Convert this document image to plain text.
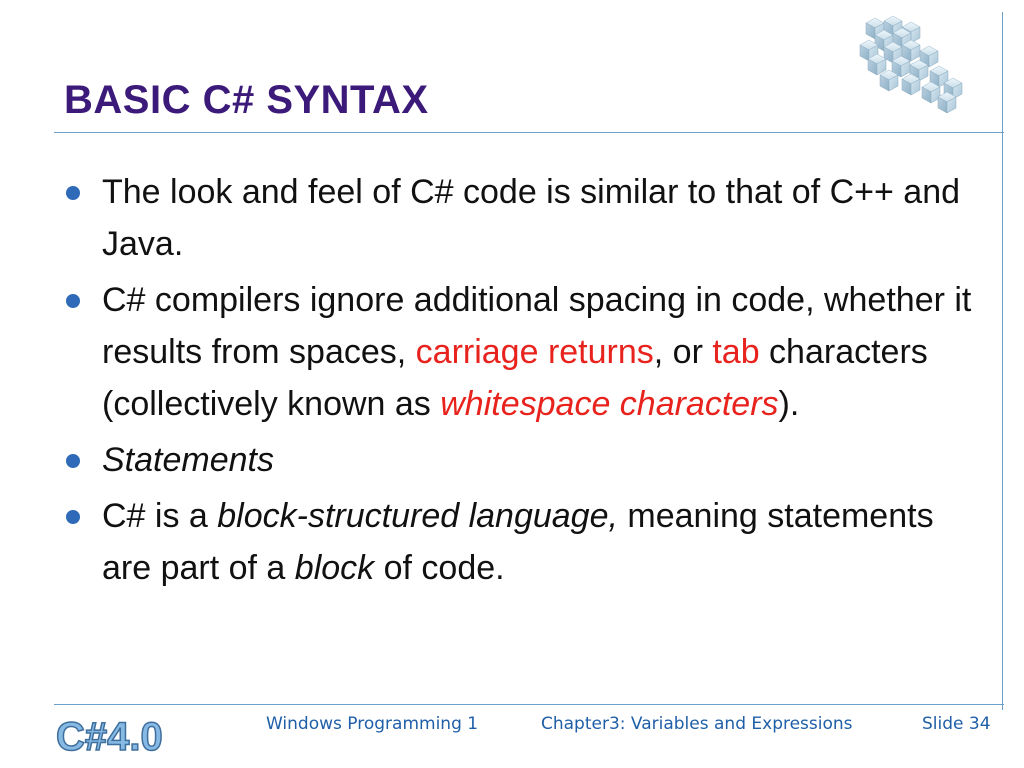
BASIC C# SYNTAX
The look and feel of C# code is similar to that of C++ and Java.
C# compilers ignore additional spacing in code, whether it results from spaces, carriage returns, or tab characters (collectively known as whitespace characters).
Statements
C# is a block-structured language, meaning statements are part of a block of code.
C#4.0	Windows Programming 1	Chapter3: Variables and Expressions	Slide 34
